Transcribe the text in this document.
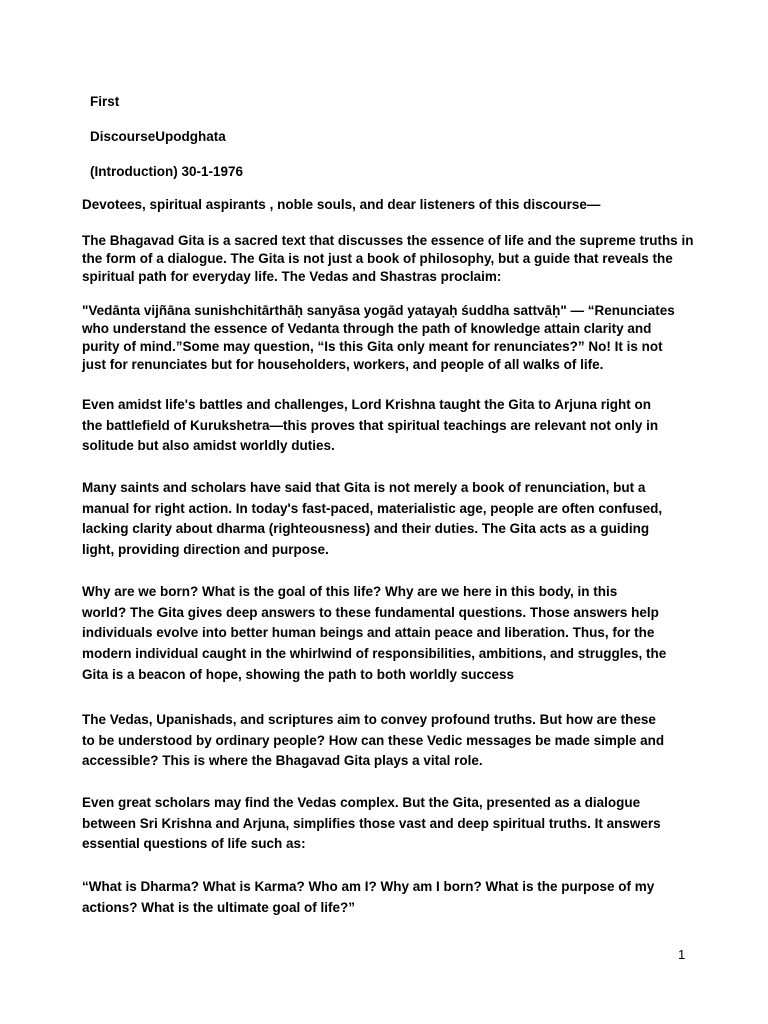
First
DiscourseUpodghata
(Introduction) 30-1-1976
Devotees, spiritual aspirants , noble souls, and dear listeners of this discourse—
The Bhagavad Gita is a sacred text that discusses the essence of life and the supreme truths in
the form of a dialogue. The Gita is not just a book of philosophy, but a guide that reveals the
spiritual path for everyday life. The Vedas and Shastras proclaim:
"Vedānta vijñāna sunishchitārthāḥ sanyāsa yogād yatayaḥ śuddha sattvāḥ" — “Renunciates
who understand the essence of Vedanta through the path of knowledge attain clarity and
purity of mind.”Some may question, “Is this Gita only meant for renunciates?” No! It is not
just for renunciates but for householders, workers, and people of all walks of life.
Even amidst life's battles and challenges, Lord Krishna taught the Gita to Arjuna right on
the battlefield of Kurukshetra—this proves that spiritual teachings are relevant not only in
solitude but also amidst worldly duties.
Many saints and scholars have said that Gita is not merely a book of renunciation, but a
manual for right action. In today's fast-paced, materialistic age, people are often confused,
lacking clarity about dharma (righteousness) and their duties. The Gita acts as a guiding
light, providing direction and purpose.
Why are we born? What is the goal of this life? Why are we here in this body, in this
world? The Gita gives deep answers to these fundamental questions. Those answers help
individuals evolve into better human beings and attain peace and liberation. Thus, for the
modern individual caught in the whirlwind of responsibilities, ambitions, and struggles, the
Gita is a beacon of hope, showing the path to both worldly success
The Vedas, Upanishads, and scriptures aim to convey profound truths. But how are these
to be understood by ordinary people? How can these Vedic messages be made simple and
accessible? This is where the Bhagavad Gita plays a vital role.
Even great scholars may find the Vedas complex. But the Gita, presented as a dialogue
between Sri Krishna and Arjuna, simplifies those vast and deep spiritual truths. It answers
essential questions of life such as:
“What is Dharma? What is Karma? Who am I? Why am I born? What is the purpose of my
actions? What is the ultimate goal of life?”
1
